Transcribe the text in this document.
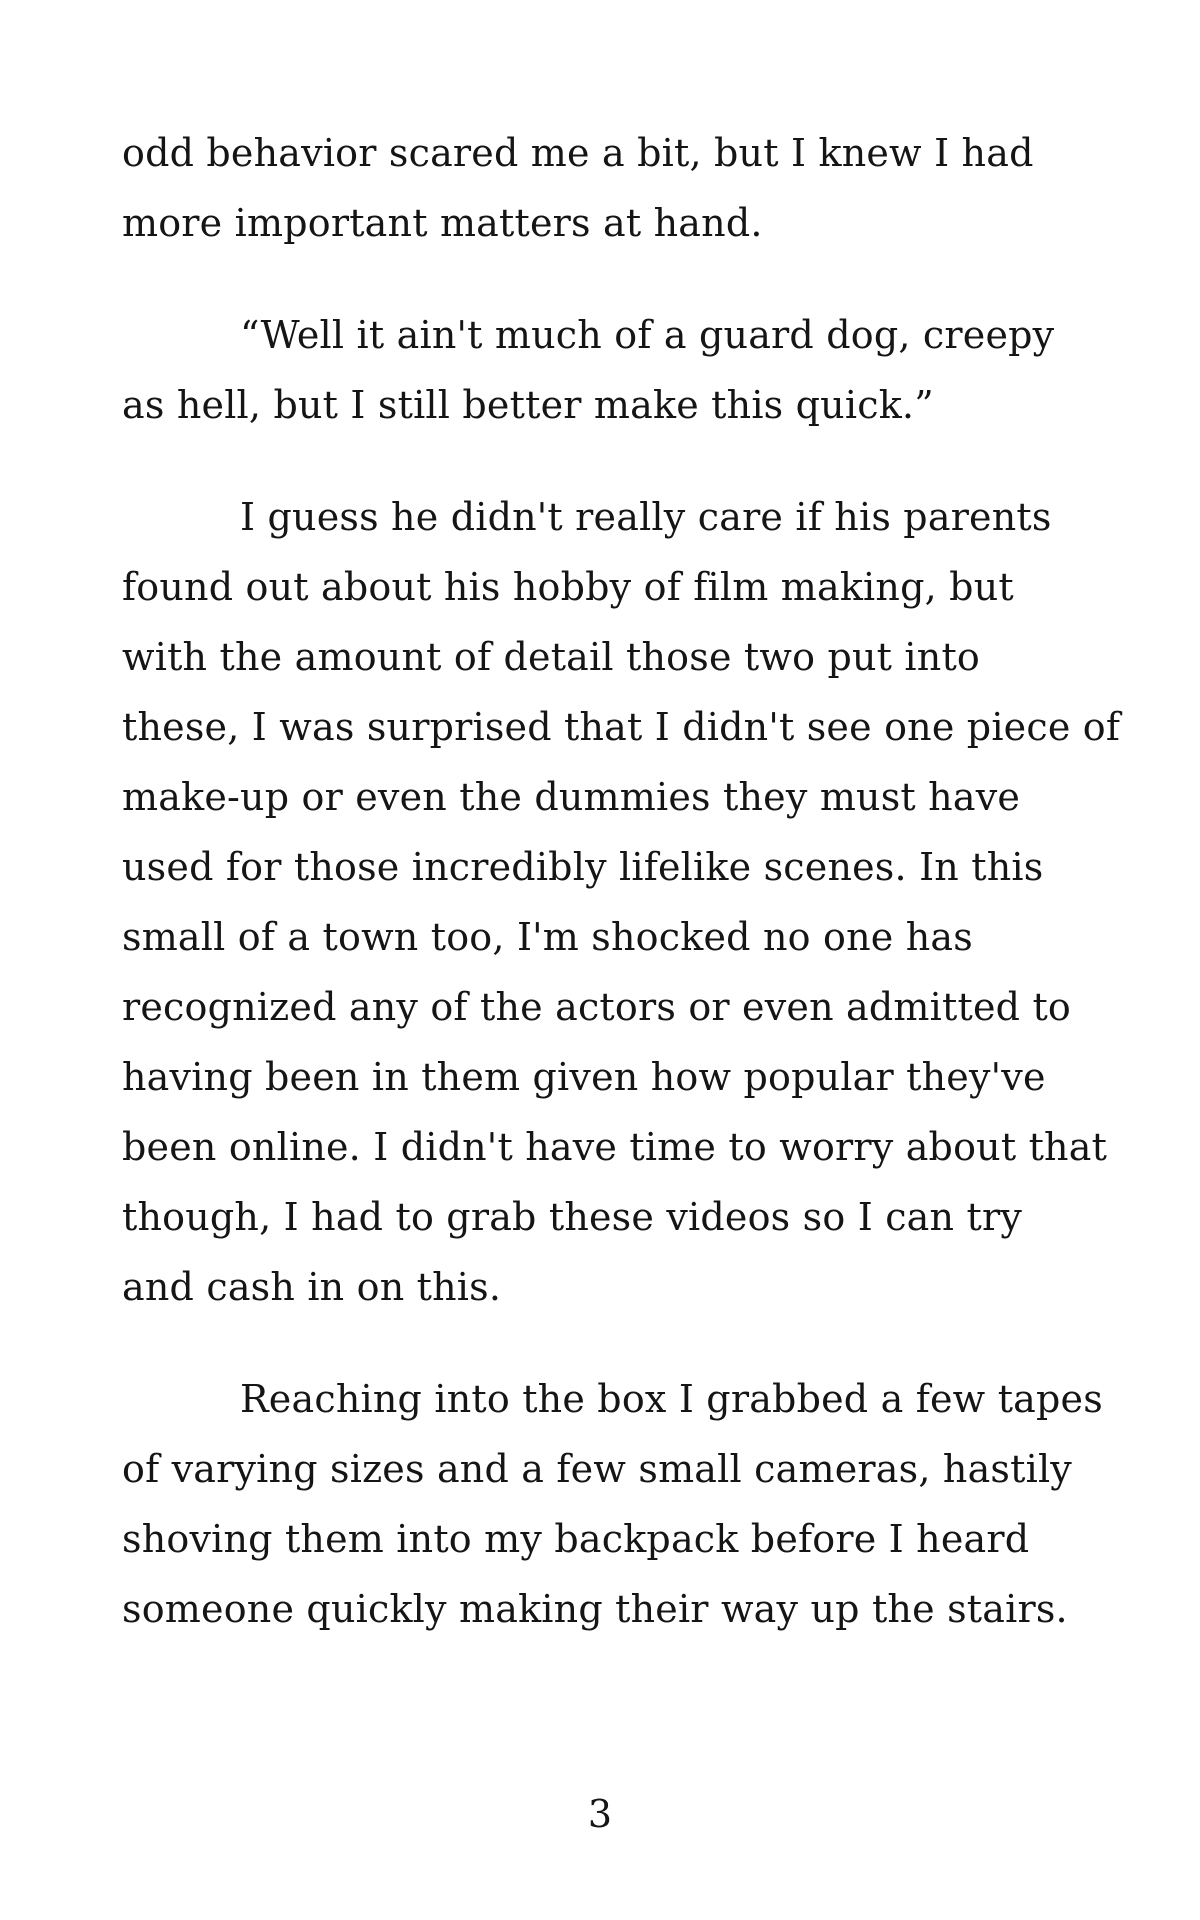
odd behavior scared me a bit, but I knew I had
more important matters at hand.

“Well it ain't much of a guard dog, creepy
as hell, but I still better make this quick.”

I guess he didn't really care if his parents
found out about his hobby of film making, but
with the amount of detail those two put into
these, I was surprised that I didn't see one piece of
make-up or even the dummies they must have
used for those incredibly lifelike scenes. In this
small of a town too, I'm shocked no one has
recognized any of the actors or even admitted to
having been in them given how popular they've
been online. I didn't have time to worry about that
though, I had to grab these videos so I can try
and cash in on this.

Reaching into the box I grabbed a few tapes
of varying sizes and a few small cameras, hastily
shoving them into my backpack before I heard
someone quickly making their way up the stairs.

3
